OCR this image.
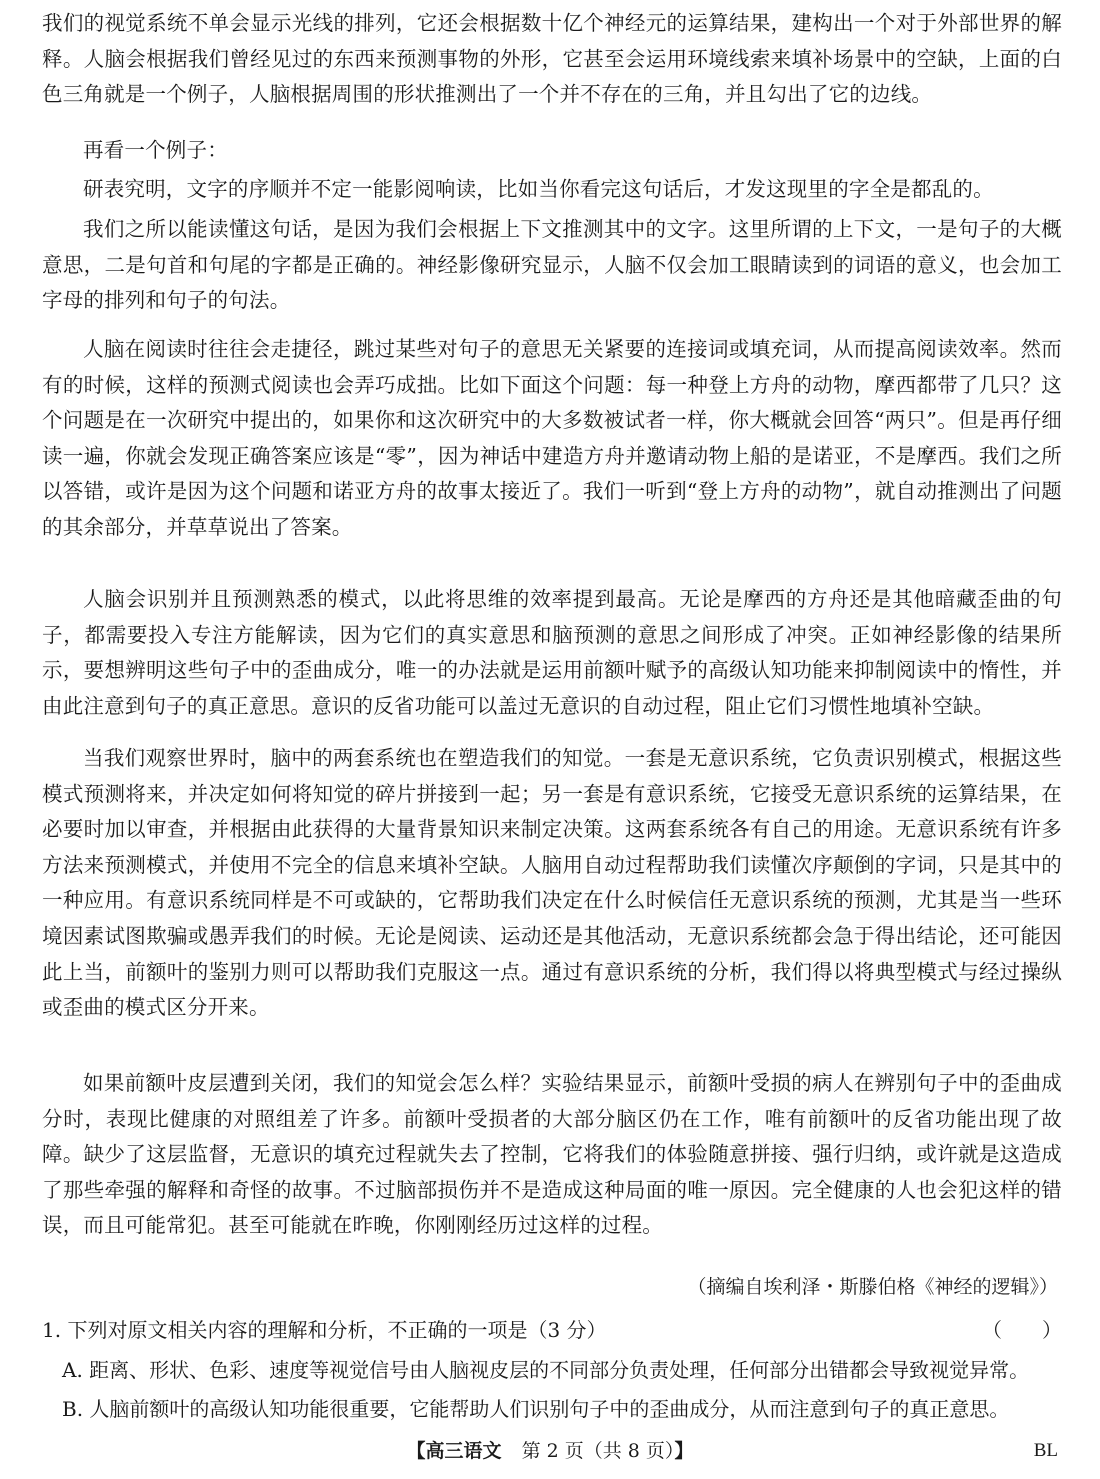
我们的视觉系统不单会显示光线的排列，它还会根据数十亿个神经元的运算结果，建构出一个对于外部世界的解释。人脑会根据我们曾经见过的东西来预测事物的外形，它甚至会运用环境线索来填补场景中的空缺，上面的白色三角就是一个例子，人脑根据周围的形状推测出了一个并不存在的三角，并且勾出了它的边线。

再看一个例子：

研表究明，文字的序顺并不定一能影阅响读，比如当你看完这句话后，才发这现里的字全是都乱的。

我们之所以能读懂这句话，是因为我们会根据上下文推测其中的文字。这里所谓的上下文，一是句子的大概意思，二是句首和句尾的字都是正确的。神经影像研究显示，人脑不仅会加工眼睛读到的词语的意义，也会加工字母的排列和句子的句法。

人脑在阅读时往往会走捷径，跳过某些对句子的意思无关紧要的连接词或填充词，从而提高阅读效率。然而有的时候，这样的预测式阅读也会弄巧成拙。比如下面这个问题：每一种登上方舟的动物，摩西都带了几只？这个问题是在一次研究中提出的，如果你和这次研究中的大多数被试者一样，你大概就会回答“两只”。但是再仔细读一遍，你就会发现正确答案应该是“零”，因为神话中建造方舟并邀请动物上船的是诺亚，不是摩西。我们之所以答错，或许是因为这个问题和诺亚方舟的故事太接近了。我们一听到“登上方舟的动物”，就自动推测出了问题的其余部分，并草草说出了答案。

人脑会识别并且预测熟悉的模式，以此将思维的效率提到最高。无论是摩西的方舟还是其他暗藏歪曲的句子，都需要投入专注方能解读，因为它们的真实意思和脑预测的意思之间形成了冲突。正如神经影像的结果所示，要想辨明这些句子中的歪曲成分，唯一的办法就是运用前额叶赋予的高级认知功能来抑制阅读中的惰性，并由此注意到句子的真正意思。意识的反省功能可以盖过无意识的自动过程，阻止它们习惯性地填补空缺。

当我们观察世界时，脑中的两套系统也在塑造我们的知觉。一套是无意识系统，它负责识别模式，根据这些模式预测将来，并决定如何将知觉的碎片拼接到一起；另一套是有意识系统，它接受无意识系统的运算结果，在必要时加以审查，并根据由此获得的大量背景知识来制定决策。这两套系统各有自己的用途。无意识系统有许多方法来预测模式，并使用不完全的信息来填补空缺。人脑用自动过程帮助我们读懂次序颠倒的字词，只是其中的一种应用。有意识系统同样是不可或缺的，它帮助我们决定在什么时候信任无意识系统的预测，尤其是当一些环境因素试图欺骗或愚弄我们的时候。无论是阅读、运动还是其他活动，无意识系统都会急于得出结论，还可能因此上当，前额叶的鉴别力则可以帮助我们克服这一点。通过有意识系统的分析，我们得以将典型模式与经过操纵或歪曲的模式区分开来。

如果前额叶皮层遭到关闭，我们的知觉会怎么样？实验结果显示，前额叶受损的病人在辨别句子中的歪曲成分时，表现比健康的对照组差了许多。前额叶受损者的大部分脑区仍在工作，唯有前额叶的反省功能出现了故障。缺少了这层监督，无意识的填充过程就失去了控制，它将我们的体验随意拼接、强行归纳，或许就是这造成了那些牵强的解释和奇怪的故事。不过脑部损伤并不是造成这种局面的唯一原因。完全健康的人也会犯这样的错误，而且可能常犯。甚至可能就在昨晚，你刚刚经历过这样的过程。

（摘编自埃利泽・斯滕伯格《神经的逻辑》）
1. 下列对原文相关内容的理解和分析，不正确的一项是（3 分）	（　　）
A. 距离、形状、色彩、速度等视觉信号由人脑视皮层的不同部分负责处理，任何部分出错都会导致视觉异常。
B. 人脑前额叶的高级认知功能很重要，它能帮助人们识别句子中的歪曲成分，从而注意到句子的真正意思。
【高三语文 第 2 页（共 8 页）】	BL
